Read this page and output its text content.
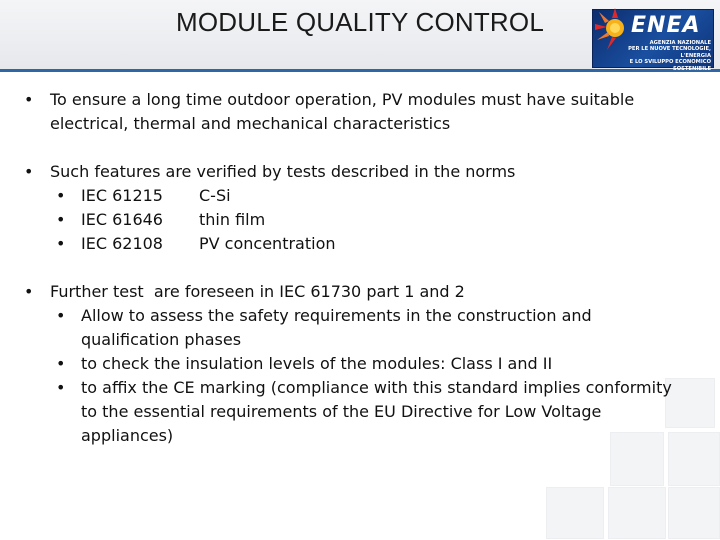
MODULE QUALITY CONTROL	ENEA
AGENZIA NAZIONALE
PER LE NUOVE TECNOLOGIE, L'ENERGIA
E LO SVILUPPO ECONOMICO SOSTENIBILE
• To ensure a long time outdoor operation, PV modules must have suitable electrical, thermal and mechanical characteristics
• Such features are verified by tests described in the norms
• IEC 61215 C-Si
• IEC 61646 thin film
• IEC 62108 PV concentration
• Further test  are foreseen in IEC 61730 part 1 and 2
• Allow to assess the safety requirements in the construction and qualification phases
• to check the insulation levels of the modules: Class I and II
• to affix the CE marking (compliance with this standard implies conformity to the essential requirements of the EU Directive for Low Voltage appliances)
